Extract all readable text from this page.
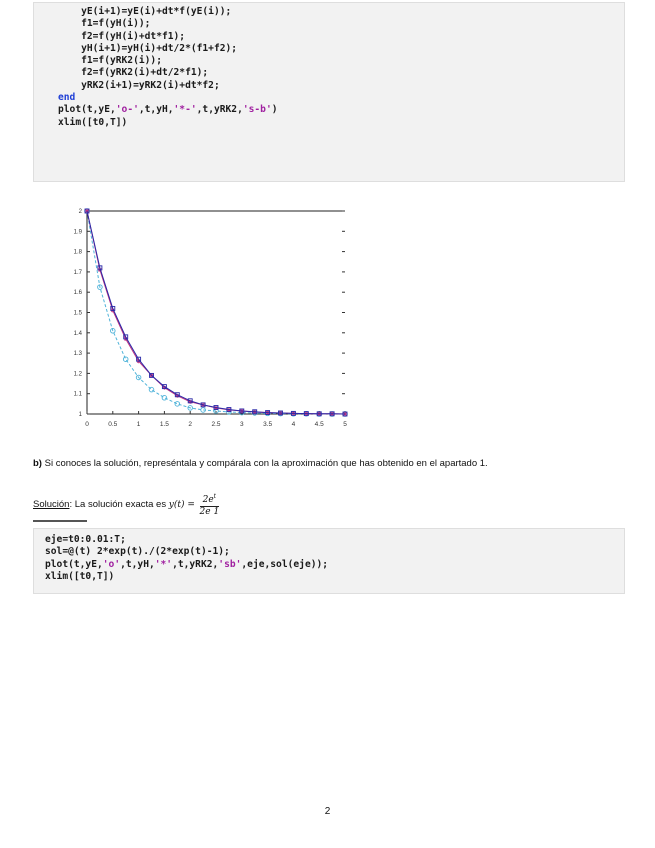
yE(i+1)=yE(i)+dt*f(yE(i));
f1=f(yH(i));
f2=f(yH(i)+dt*f1);
yH(i+1)=yH(i)+dt/2*(f1+f2);
f1=f(yRK2(i));
f2=f(yRK2(i)+dt/2*f1);
yRK2(i+1)=yRK2(i)+dt*f2;
end
plot(t,yE,'o-',t,yH,'*-',t,yRK2,'s-b')
xlim([t0,T])
1
1.1
1.2
1.3
1.4
1.5
1.6
1.7
1.8
1.9
2
0	0.5	1	1.5	2	2.5	3	3.5	4	4.5	5
b) Si conoces la solución, represéntala y compárala con la aproximación que has obtenido en el apartado 1.
Solución: La solución exacta es $y(t) = \frac{2e^t}{2e 1}$
eje=t0:0.01:T;
sol=@(t) 2*exp(t)./(2*exp(t)-1);
plot(t,yE,'o',t,yH,'*',t,yRK2,'sb',eje,sol(eje));
xlim([t0,T])
2
